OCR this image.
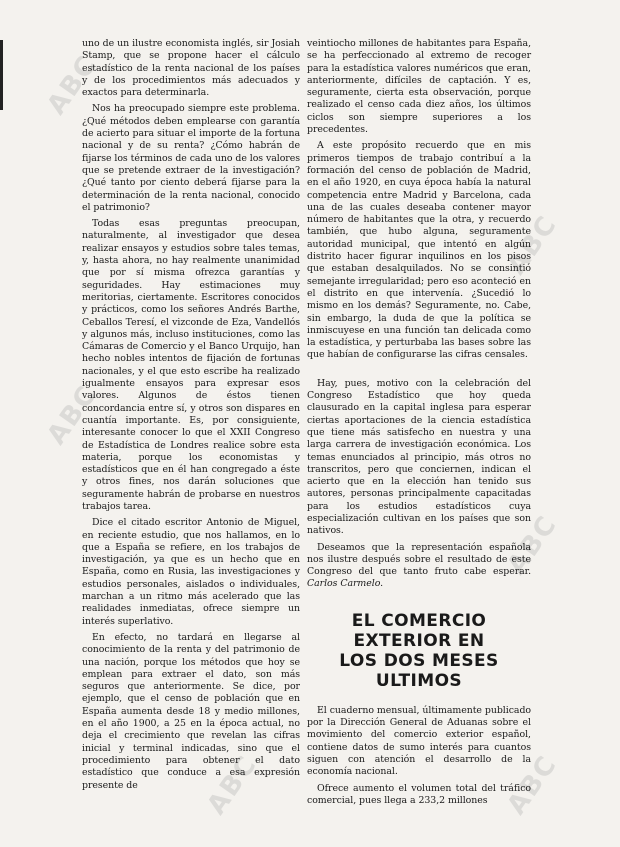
ABC
ABC
ABC
ABC
ABC	ABC

uno de un ilustre economista inglés, sir Josiah Stamp, que se propone hacer el cálculo estadístico de la renta nacional de los países y de los procedimientos más adecuados y exactos para determinarla.

Nos ha preocupado siempre este problema. ¿Qué métodos deben emplearse con garantía de acierto para situar el importe de la fortuna nacional y de su renta? ¿Cómo habrán de fijarse los términos de cada uno de los valores que se pretende extraer de la investigación? ¿Qué tanto por ciento deberá fijarse para la determinación de la renta nacional, conocido el patrimonio?

Todas esas preguntas preocupan, naturalmente, al investigador que desea realizar ensayos y estudios sobre tales temas, y, hasta ahora, no hay realmente unanimidad que por sí misma ofrezca garantías y seguridades. Hay estimaciones muy meritorias, ciertamente. Escritores conocidos y prácticos, como los señores Andrés Barthe, Ceballos Teresí, el vizconde de Eza, Vandellós y algunos más, incluso instituciones, como las Cámaras de Comercio y el Banco Urquijo, han hecho nobles intentos de fijación de fortunas nacionales, y el que esto escribe ha realizado igualmente ensayos para expresar esos valores. Algunos de éstos tienen concordancia entre sí, y otros son dispares en cuantía importante. Es, por consiguiente, interesante conocer lo que el XXII Congreso de Estadística de Londres realice sobre esta materia, porque los economistas y estadísticos que en él han congregado a éste y otros fines, nos darán soluciones que seguramente habrán de probarse en nuestros trabajos tarea.

Dice el citado escritor Antonio de Miguel, en reciente estudio, que nos hallamos, en lo que a España se refiere, en los trabajos de investigación, ya que es un hecho que en España, como en Rusia, las investigaciones y estudios personales, aislados o individuales, marchan a un ritmo más acelerado que las realidades inmediatas, ofrece siempre un interés superlativo.

En efecto, no tardará en llegarse al conocimiento de la renta y del patrimonio de una nación, porque los métodos que hoy se emplean para extraer el dato, son más seguros que anteriormente. Se dice, por ejemplo, que el censo de población que en España aumenta desde 18 y medio millones, en el año 1900, a 25 en la época actual, no deja el crecimiento que revelan las cifras inicial y terminal indicadas, sino que el procedimiento para obtener el dato estadístico que conduce a esa expresión presente de

veintiocho millones de habitantes para España, se ha perfeccionado al extremo de recoger para la estadística valores numéricos que eran, anteriormente, difíciles de captación. Y es, seguramente, cierta esta observación, porque realizado el censo cada diez años, los últimos ciclos son siempre superiores a los precedentes.

A este propósito recuerdo que en mis primeros tiempos de trabajo contribuí a la formación del censo de población de Madrid, en el año 1920, en cuya época había la natural competencia entre Madrid y Barcelona, cada una de las cuales deseaba contener mayor número de habitantes que la otra, y recuerdo también, que hubo alguna, seguramente autoridad municipal, que intentó en algún distrito hacer figurar inquilinos en los pisos que estaban desalquilados. No se consintió semejante irregularidad; pero eso aconteció en el distrito en que intervenía. ¿Sucedió lo mismo en los demás? Seguramente, no. Cabe, sin embargo, la duda de que la política se inmiscuyese en una función tan delicada como la estadística, y perturbaba las bases sobre las que habían de configurarse las cifras censales.

Hay, pues, motivo con la celebración del Congreso Estadístico que hoy queda clausurado en la capital inglesa para esperar ciertas aportaciones de la ciencia estadística que tiene más satisfecho en nuestra y una larga carrera de investigación económica. Los temas enunciados al principio, más otros no transcritos, pero que conciernen, indican el acierto que en la elección han tenido sus autores, personas principalmente capacitadas para los estudios estadísticos cuya especialización cultivan en los países que son nativos.

Deseamos que la representación española nos ilustre después sobre el resultado de este Congreso del que tanto fruto cabe esperar. Carlos Carmelo.

EL COMERCIO EXTERIOR EN
LOS DOS MESES ULTIMOS

El cuaderno mensual, últimamente publicado por la Dirección General de Aduanas sobre el movimiento del comercio exterior español, contiene datos de sumo interés para cuantos siguen con atención el desarrollo de la economía nacional.

Ofrece aumento el volumen total del tráfico comercial, pues llega a 233,2 millones
